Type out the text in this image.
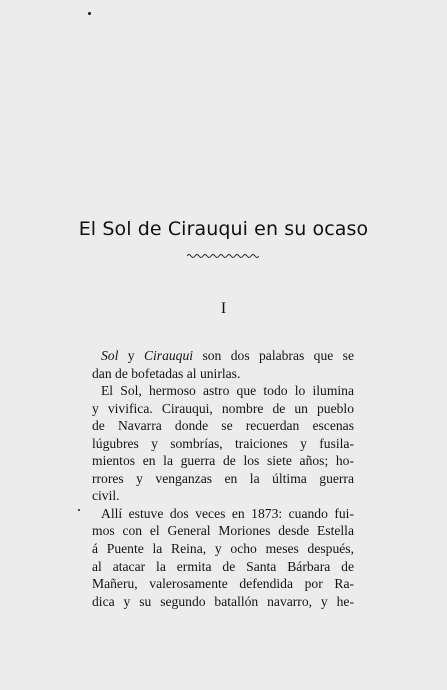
El Sol de Cirauqui en su ocaso
I
Sol y Cirauqui son dos palabras que se
dan de bofetadas al unirlas.
El Sol, hermoso astro que todo lo ilumina
y vivifica. Cirauqui, nombre de un pueblo
de Navarra donde se recuerdan escenas
lúgubres y sombrías, traiciones y fusila-
mientos en la guerra de los siete años; ho-
rrores y venganzas en la última guerra
civil.
Allí estuve dos veces en 1873: cuando fui-
mos con el General Moriones desde Estella
á Puente la Reina, y ocho meses después,
al atacar la ermita de Santa Bárbara de
Mañeru, valerosamente defendida por Ra-
dica y su segundo batallón navarro, y he-
